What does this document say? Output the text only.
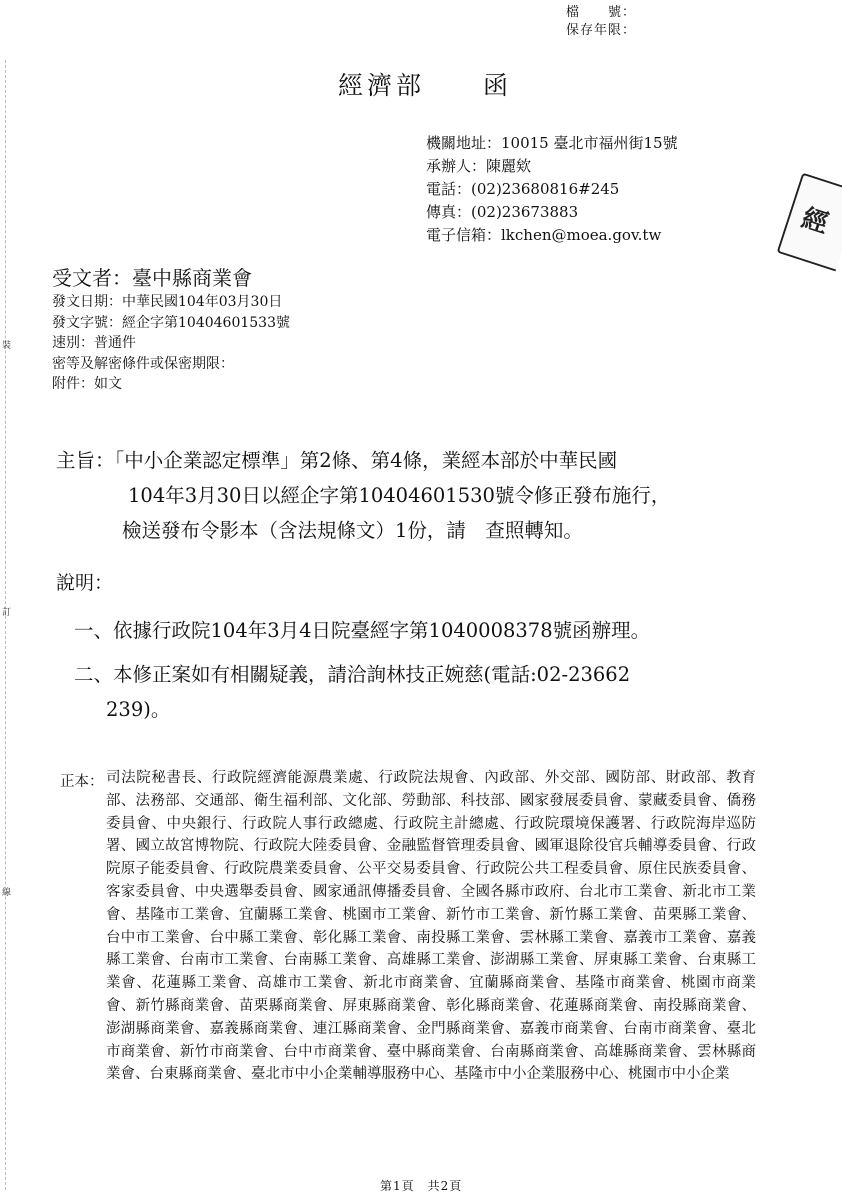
裝
訂
線
檔　　號：
保存年限：
經濟部　　函
經
機關地址：10015 臺北市福州街15號
承辦人：陳麗欸
電話：(02)23680816#245
傳真：(02)23673883
電子信箱：lkchen@moea.gov.tw
受文者：臺中縣商業會
發文日期：中華民國104年03月30日
發文字號：經企字第10404601533號
速別：普通件
密等及解密條件或保密期限：
附件：如文
主旨：「中小企業認定標準」第2條、第4條，業經本部於中華民國
104年3月30日以經企字第10404601530號令修正發布施行，
檢送發布令影本（含法規條文）1份，請　查照轉知。
說明：
一、依據行政院104年3月4日院臺經字第1040008378號函辦理。
二、本修正案如有相關疑義，請洽詢林技正婉慈(電話:02-23662
239)。
正本： 司法院秘書長、行政院經濟能源農業處、行政院法規會、內政部、外交部、國防部、財政部、教育部、法務部、交通部、衛生福利部、文化部、勞動部、科技部、國家發展委員會、蒙藏委員會、僑務委員會、中央銀行、行政院人事行政總處、行政院主計總處、行政院環境保護署、行政院海岸巡防署、國立故宮博物院、行政院大陸委員會、金融監督管理委員會、國軍退除役官兵輔導委員會、行政院原子能委員會、行政院農業委員會、公平交易委員會、行政院公共工程委員會、原住民族委員會、客家委員會、中央選舉委員會、國家通訊傳播委員會、全國各縣市政府、台北市工業會、新北市工業會、基隆市工業會、宜蘭縣工業會、桃園市工業會、新竹市工業會、新竹縣工業會、苗栗縣工業會、台中市工業會、台中縣工業會、彰化縣工業會、南投縣工業會、雲林縣工業會、嘉義市工業會、嘉義縣工業會、台南市工業會、台南縣工業會、高雄縣工業會、澎湖縣工業會、屏東縣工業會、台東縣工業會、花蓮縣工業會、高雄市工業會、新北市商業會、宜蘭縣商業會、基隆市商業會、桃園市商業會、新竹縣商業會、苗栗縣商業會、屏東縣商業會、彰化縣商業會、花蓮縣商業會、南投縣商業會、澎湖縣商業會、嘉義縣商業會、連江縣商業會、金門縣商業會、嘉義市商業會、台南市商業會、臺北市商業會、新竹市商業會、台中市商業會、臺中縣商業會、台南縣商業會、高雄縣商業會、雲林縣商業會、台東縣商業會、臺北市中小企業輔導服務中心、基隆市中小企業服務中心、桃園市中小企業
第1頁　共2頁
